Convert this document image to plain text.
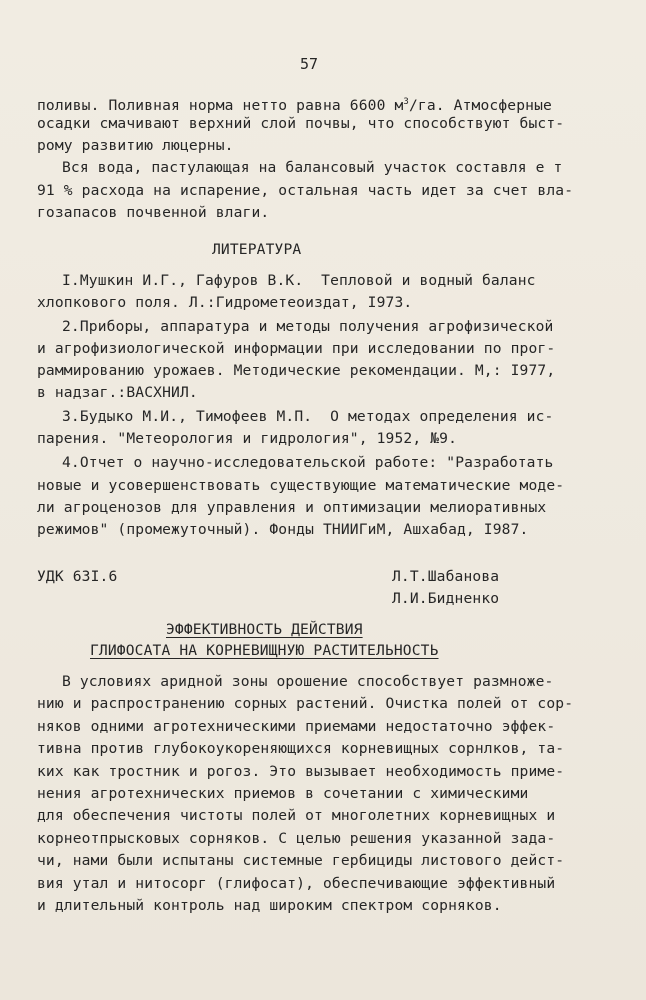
57
поливы. Поливная норма нетто равна 6600 $м^3/га$. Атмосферные
осадки смачивают верхний слой почвы, что способствуют быст-
рому развитию люцерны.
Вся вода, пастулающая на балансовый участок составля е т
91 % расхода на испарение, остальная часть идет за счет вла-
гозапасов почвенной влаги.
ЛИТЕРАТУРА
I.Мушкин И.Г., Гафуров В.К.  Тепловой и водный баланс
хлопкового поля. Л.:Гидрометеоиздат, I973.
2.Приборы, аппаратура и методы получения агрофизической
и агрофизиологической информации при исследовании по прог-
раммированию урожаев. Методические рекомендации. М,: I977,
в надзаг.:ВАСХНИЛ.
3.Будыко М.И., Тимофеев М.П.  О методах определения ис-
парения. "Метеорология и гидрология", 1952, №9.
4.Отчет о научно-исследовательской работе: "Разработать
новые и усовершенствовать существующие математические моде-
ли агроценозов для управления и оптимизации мелиоративных
режимов" (промежуточный). Фонды ТНИИГиМ, Ашхабад, I987.
УДК 63I.6	Л.Т.Шабанова
Л.И.Бидненко
ЭФФЕКТИВНОСТЬ ДЕЙСТВИЯ
ГЛИФОСАТА НА КОРНЕВИЩНУЮ РАСТИТЕЛЬНОСТЬ
В условиях аридной зоны орошение способствует размноже-
нию и распространению сорных растений. Очистка полей от сор-
няков одними агротехническими приемами недостаточно эффек-
тивна против глубокоукореняющихся корневищных сорнлков, та-
ких как тростник и рогоз. Это вызывает необходимость приме-
нения агротехнических приемов в сочетании с химическими
для обеспечения чистоты полей от многолетних корневищных и
корнеотпрысковых сорняков. С целью решения указанной зада-
чи, нами были испытаны системные гербициды листового дейст-
вия утал и нитосорг (глифосат), обеспечивающие эффективный
и длительный контроль над широким спектром сорняков.
